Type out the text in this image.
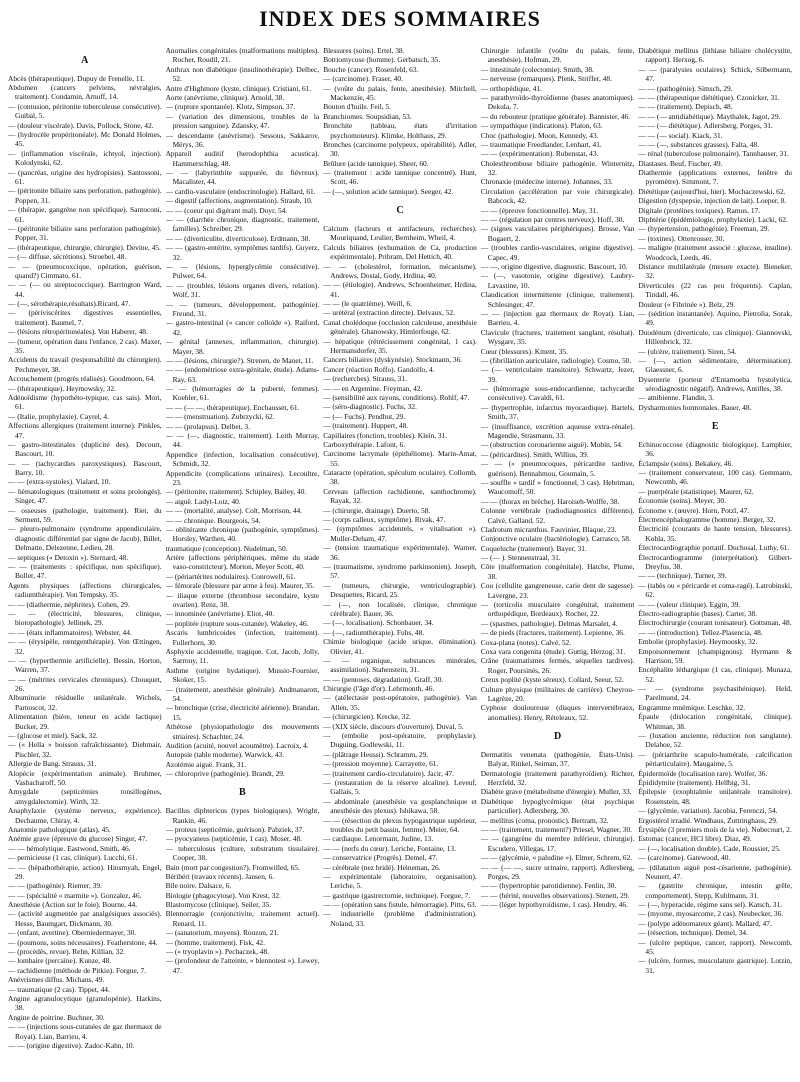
INDEX DES SOMMAIRES

A

Abcès (thérapeutique). Dupuy de Frenelle, 11.

Abdomen (cancers pelviens, névralgies, traitement). Condamin, Arnuff, 14.

— (contusion, péritonite tuberculeuse consécutive). Guibal, 5.

— (douleur viscérale). Davis, Pollock, Stone, 42.

— (hydrocèle propéritonéale). Mc Donald Holmes, 45.

— (inflammation viscérale, ichtyol, injection). Kolodynski, 62.

— (pancréas, origine des hydropisies). Santossoni, 61.

— (péritonite biliaire sans perforation, pathogénie). Poppen, 31.

— (thérapie, gangrène non spécifique). Santoconi, 61.

— (péritonite biliaire sans perforation pathogénie). Popper, 31.

— (thérapeutique, chirurgie, chirurgie). Devine, 45.

— (— diffuse, sécrétions). Stroebel, 48.

— — (pneumocoxcique, opération, guérison, quand?) Cimmato, 61.

— — (— ou streptococcique). Barrington Ward, 44.

— (—, sérothérapie,résultats).Ricard, 47.

— (périviscérites digestives essentielles, traitement). Baumel, 7.

— (lésions rétropéritonéales). Von Haberer, 48.

— (tumeur, opération dans l'enfance, 2 cas). Maxer, 35.

Accidents du travail (responsabilité du chirurgien). Pechmeyer, 38.

Accouchement (progrès réalisés). Goodmoon, 64.

— (thérapeutique). Heymowsky, 32.

Adénoïdisme (hypothéto-typique, cas sais). Mori, 61.

— (Italie, prophylaxie). Cayrel, 4.

Affections allergiques (traitement interne). Pinkles, 47.

— gastro-intestinales (duplicité des). Decourt, Bascourt, 10.

— — (tachycardies paroxystiques). Bascourt, Barry, 10.

— — (extra-systoles). Vialard, 10.

— hématologiques (traitement et soins prolongés). Singer, 47.

— osseuses (pathologie, traitement). Riet, du Serment, 59.

— pleuro-pulmonaire (syndrome appendiculaire, diagnostic différentiel par signe de Jacob). Billet, Delmatte, Delezenne, Ledieu, 28.

— septiques (« Detoxin »). Sternard, 48.

— — (traitements : spécifique, non spécifique). Boller, 47.

Agents physiques (affections chirurgicales, radiumthérapie). Von Tempsky, 35.

— — (diathermie, néphrites). Cohen, 29.

— — (électricité, blessures, clinique, biotopathologie). Jellinek, 29.

— — (états inflammatoires). Webster, 44.

— — (érysipèle, rœntgenthérapie). Von Œttingen, 32.

— — (hyperthermie artificielle). Bessin, Horton, Warren, 37.

— — (métrites cervicales chroniques). Chouquet, 26.

Albuminurie résiduelle unilatérale. Wichels, Parnoscot, 32.

Alimentation (bière, teneur en acide lactique) Bucker, 29.

— (glucose et miel). Sack, 32.

— (« Hella » boisson rafraîchissante). Diehmair, Pischler, 32.

Allergie de Bang. Strauss, 31.

Alopécie (expérimentation animale). Bruhmer, Vasbacharoff, 50.

Amygdale (septicémies tonsillogènes, amygdalectomie). Wirth, 32.

Anaphylaxie (système nerveux, expérience). Dechaume, Chiray, 4.

Anatomie pathologique (atlas), 45.

Anémie grave (épreuve du glucose) Singer, 47.

— — hémolytique. Eastwood, Smith, 46.

— pernicieuse (1 cas, clinique). Lucchi, 61.

— — (hépathothérapie, action). Hinsmyah, Engel, 29.

— — (pathogénie). Riemer, 39.

— — (spécialité « marmite »). Gonzalez, 46.

Anesthésie (Action sur le foie). Bourne, 44.

— (activité augmentée par analgésiques associés). Hesse, Baumgart, Dickmann, 30.

— (enfant, avertine). Oberniedermayer, 30.

— (poumons, soins nécessaires). Featherstone, 44.

— (procédés, revue). Rehn, Killian, 32.

— lombaire (percaïne). Kunze, 48.

— rachidienne (méthode de Pitkin). Forgue, 7.

Anévrismes diffus. Michans, 49.

— traumatique (2 cas). Tippet, 44.

Angine agranulocytique (granulopénie). Harkins, 38.

Angine de poitrine. Buchner, 30.

— — (injections sous-cutanées de gaz thermaux de Royat). Lian, Barrieu, 4.

— — (origine digestive). Zadoc-Kahn, 10.

Anomalies congénitales (malformations multiples). Rocher, Roudil, 21.

Anthrax non diabétique (insulinothérapie). Delbec, 52.

Antre d'Highmore (kyste, clinique). Cristiani, 61.

Aorte (anévrisme, clinique). Arnold, 38.

— (rupture spontanée). Klotz, Simpson, 37.

— (variation des dimensions, troubles de la pression sanguine). Zdansky, 47.

— descendante (anévrisme). Sessous, Sakkarov, Mérys, 36.

Appareil auditif (herodophthia acustica). Hammerschlag, 48.

— — (labyrinthite suppurée, du fiévreux). Macalister, 44.

— cardio-vasculaire (endocrinologie). Hallard, 61.

— digestif (affections, augmentation). Straub, 10.

— — (coeur qui digérant mal). Doyr, 54.

— — (diarrhée chronique, diagnostic, traitement, familles). Schreiber, 29.

— — (diverticulite, diverticulose). Erdmann, 38.

— — (gastro-entérite, symptômes tardifs). Guyerz, 32.

— — (lésions, hyperglycémie consécutive). Pulwer, 64.

— — (troubles, lésions organes divers, relation). Wolf, 31.

— — (tumeurs, développement, pathogénie). Freund, 31.

— gastro-intestinal (« cancer colloïde »). Raiford, 42.

— génital (annexes, inflammation, chirurgie). Mayer, 38.

— — (lésions, chirurgie?). Strenen, de Manet, 11.

— — (endométriose extra-génitale, étude). Adams-Ray, 63.

— — (hémorragies de la puberté, femmes). Koehler, 61.

— — (— —, thérapeutique). Enchausset, 61.

— — (menstruation). Zubrzycki, 62.

— — (prolapsus). Delbet, 3.

— — (—, diagnostic, traitement). Leith Murray, 44.

Appendice (infection, localisation consécutive). Schmidt, 32.

Appendicite (complications urinaires). Lecoultre, 23.

— (péritonite, traitement). Schipley, Bailey, 40.

— aiguë. Ladyt-Lotz, 40.

— — (mortalité, analyse). Colt, Morrison, 44.

— — chronique. Bourgeois, 54.

— oblitérante chronique (pathogénie, symptômes). Horsley, Warthen, 40.

traumatique (conception). Nudelman, 50.

Artère (affections périphériques, même du stade vaso-constricteur), Morton, Meyer Scott, 40.

— (périartérites nodulaires). Conrowell, 61.

— fémorale (blessure par arme à feu). Maurer, 35.

— iliaque externe (thrombose secondaire, kyste ovarien). Renz, 38.

— innominée (anévrisme). Eliot, 40.

— poplitée (rupture sous-cutanée). Wakeley, 46.

Ascaris lumbricoides (infection, traitement). Fullerhorn, 30.

Asphyxie accidentelle, tragique. Cot, Jacob, Jolly, Sarrouy, 11.

Asthme (origine hydatique). Mussio-Fournier, Skoker, 15.

— (traitement, anesthésie générale). Andmanarott, 54.

— bronchique (crise, électricité aérienne). Brandan, 15.

Athétose (physiopathologie des mouvements striaires). Schachter, 24.

Audition (acuité, nouvel acoumètre). Lacroix, 4.

Autopsie (table moderne). Warwick, 43.

Azotémie aiguë. Frank, 31.

— chloroprive (pathogénie). Brandt, 29.

B

Bacillus diphtericus (types biologiques). Wright, Rankin, 46.

— proteus (septicémie, guérison). Pabziek, 37.

— pyocyaneus (septicémie, 1 cas). Moser, 48.

— tuberculosus (culture, substratum tissulaire). Cooper, 38.

Bain (mort par congestion?). Fromwilled, 65.

Béribéri (travaux récents). Jansen, 6.

Bile noire. Dalsace, 6.

Biologie (phagocytose). Von Krest, 32.

Blastomycose (clinique). Seiler, 35.

Blennorragie (conjonctivite, traitement actuel). Renard, 11.

— (sanatorium, moyens). Rouzon, 21.

— (homme, traitement). Fisk, 42.

— (« tryoplavin »). Pechaczek, 48.

— (profondeur de l'atteinte, « blennotest »). Lewey, 47.

Blessures (soins). Ertel, 38.

Botriomycose (homme). Gerbatsch, 35.

Bouche (cancer). Rosenfeld, 63.

— (carcinome). Fraser, 40.

— (voûte du palais, fente, anesthésie). Mitchell, Mackenzie, 45.

Bouton d'huile. Feil, 5.

Branchiomes. Soupsidian, 53.

Bronchite (tableau, états d'irritation psychomoteurs). Klimke, Holthaus, 29.

Bronches (carcinome polypeux, opérabilité). Adler, 30.

Brûlure (acide tannique). Sheer, 60.

— (traitement : acide tannique concentré). Hunt, Scott, 46.

— (—, solution acide tannique). Seeger, 42.

C

Calcium (facteurs et antifacteurs, recherches). Mouriquand, Leulier, Bernheim, Wheil, 4.

Calculs biliaires (exhumation de Ca, production expérimentale). Pribram, Del Hettich, 40.

— — (cholestérol, formation, mécanisme). Andrews, Dostal, Gody, Hrdina, 40.

— — (étiologie). Andrews, Schoenheimer, Hrdina, 41.

— — (le quatrième). Weill, 6.

— urétéral (extraction directe). Delvaux, 52.

Canal cholédoque (occlusion calculeuse, anesthésie générale). Ghanowsky, Himlerfouge, 62.

— hépatique (rétrécissement congénital, 1 cas). Hermansdorfer, 35.

Cancers biliaires (dyskynésie). Stockmann, 36.

Cancer (réaction Roffo). Gandolfo, 4.

— (recherches). Strauss, 31.

— — en Argentine. Freyman, 42.

— (sensibilité aux rayons, conditions). Rohlf, 47.

— (séro-diagnostic). Fuchs, 32.

— (— Fuchs). Pendhut, 29.

— (traitement). Huppert, 48.

Capillaires (fonction, troubles). Klein, 31.

Carboxythérapie. Lafont, 6.

Carcinome lacrymale (épithéliome). Marin-Amat, 55.

Cataracte (opération, spéculum oculaire). Collomb, 38.

Cerveau (affection rachidienne, xanthochrome). Rayak, 32.

— (chirurgie, drainage). Duerto, 58.

— (corps calleux, symptôme). Rivak, 47.

— (symptômes accidentels, « vitalisation »). Muller-Deham, 47.

— (tension traumatique expérimentale). Warner, 36.

— (traumatisme, syndrome parkinsonien). Joseph, 57.

— (tumeurs, chirurgie, ventriculographie). Desquettes, Ricard, 25.

— (—, non localisée, clinique, chronique cérébrale). Bauer, 36.

— (—, localisation). Schonbauer, 34.

— (—, radiumthérapie). Fuhs, 48.

Chimie biologique (acide urique, élimination). Olivier, 41.

— — organique, substances minérales, assimilation). Stahenstein, 31.

— — (pentoses, dégradation). Graff, 30.

Chirurgie (l'âge d'or). Lehrmonth, 46.

— (atélectasie post-opératoire, pathogénie). Van Allen, 35.

— (chirurgicien). Krecke, 32.

— (XIX siècle, discours d'ouverture). Duval, 5.

— (embolie post-opératoire, prophylaxie). Duguing, Godlewski, 11.

— (plâtrage Heussi). Schramm, 29.

— (pression moyenne). Carrayette, 61.

— (traitement cardio-circulatoire). Jacir, 47.

— (restauration de la réserve alcaline). Leveuf, Gallais, 5.

— abdominale (anesthésie va gosplanchnique et anesthésie des plexus). Ishikawa, 58.

— — (résection du plexus hypogastrique supérieur, troubles du petit bassin, femme). Meier, 64.

— cardiaque. Lenormant, Judine, 13.

— — (nerfs du cœur). Leriche, Fontaine, 13.

— conservatrice (Progrès). Demel, 47.

— cérébrale (nez bridé). Heineman, 26.

— expérimentale (laboratoire, organisation). Leriche, 5.

— gastrique (gastrectomie, technique). Forgue, 7.

— — (opération sans fistule, hémorragie). Pitts, 63.

— industrielle (problème d'administration). Noland, 33.

Chirurgie infantile (voûte du palais, fente, anesthésie). Hofman, 29.

— intestinale (colectomie). Smith, 38.

— nerveuse (remarques). Plenk, Striffer, 48.

— orthopédique, 41.

— parathyroïdo-thyroïdienne (bases anatomiques). Dekula, 7.

— du rebouteur (pratique générale). Bannister, 46.

— sympathique (indications). Platon, 63.

Choc (pathologie). Moon, Kennedy, 43.

— traumatique Freedlander, Lenhart, 41.

— — (expérimentation). Rubenstat, 43.

Cholesthrombose biliaire pathogénie. Winternitz, 32.

Chronaxie (médecine interne). Johannes, 33.

Circulation (accélération par voie chirurgicale). Babcock, 42.

— — (épreuve fonctionnelle). May, 31.

— — (régulation par centres nerveux). Hoff, 30.

— (signes vasculaires périphériques). Brosse, Van Bogaert, 2.

— (troubles cardio-vasculaires, origine digestive). Capec, 49.

— —, origine digestive, diagnostic. Bascourt, 10.

— (—, vasotonie, origine digestive). Laubry-Lavastine, 10.

Claudication intermittente (clinique, traitement). Schlesinger, 47.

— — (injection gaz thermaux de Royat). Lian, Barrieu, 4.

Clavicule (fractures, traitement sanglant, résultat). Wysgare, 35.

Cœur (blessures). Kment, 35.

— (fibrillation auriculaire, radiologie). Cosmo, 50.

— (— ventriculaire transitoire). Schwartz, Jezer, 39.

— (hémorragie sous-endocardienne, tachycardie consécutive). Cavaldi, 61.

— (hypertrophie, infarctus myocardique). Bartels, Smith, 37.

— (insuffisance, excrétion aqueuse extra-rénale). Magendie, Strasmann, 33.

— (obstruction coronarienne aiguë). Mobin, 54.

— (péricardites). Smith, Willius, 39.

— — (« pneumocoques, péricardite tardive, guérison). Bennahmou, Goumain, 5.

— souffle « tardif » fonctionnel, 3 cas). Hebriman, Waucomoff, 50.

— — (thorax en brèche). Haroiseh-Wolffe, 38.

Colonne vertébrale (radiodiagnostics différents). Calvé, Galland, 52.

Cladrotum micranthus. Fauvinier, Blaque, 23.

Conjonctive oculaire (bactériologie). Carrasco, 58.

Coqueluche (traitement). Bayer, 31.

— (— ). Stennenstraal, 31.

Côte (malformation congénitale). Hatche, Plume, 38.

Cou (cellulite gangreneuse, carie dent de sagesse). Lavergne, 23.

— (torticolis musculaire congénital, traitement orthopédique, Bordeaux). Rocher, 22.

— (spasmes, pathologie). Delmas Marsalet, 4.

— de pieds (fractures, traitement). Lepienne, 36.

Coxa-plana (notes). Calvé, 52.

Coxa vara congenita (étude). Guttig, Herzog, 31.

Crâne (traumatismes fermés, séquelles tardives). Roger, Poursinés, 26.

Creux poplité (kyste séreux). Collard, Seeur, 52.

Culture physique (militaires de carrière). Cheyrou-Lagrèze, 20.

Cyphose douloureuse (disques intervertébraux, anomalies). Henry, Rételeaux, 52.

D

Dermatitis venenata (pathogénie, États-Unis). Balyat, Rinkel, Seiman, 37.

Dermatologie (traitement parathyroïdien). Richter, Herzfeld, 32.

Diabète grave (métabolisme d'énergie). Muller, 33.

Diabétique hypoglycémique (état psychique particulier). Adlersberg, 30.

— mellitus (coma, pronostic). Bertram, 32.

— — (traitement, traitement?) Priesel, Wagner, 30.

— — (gangrène du membre inférieur, chirurgie). Escudero, Villegas, 17.

— — (glycémie, « paludine »). Elmer, Schrem, 62.

— — (— —, sucre urinaire, rapport). Adlersberg, Porges, 29.

— — (hypertrophie parotidienne). Fenlin, 30.

— — (hérité, nouvelles observations). Stenett, 29.

— — (léger hypothyroïdisme, 1 cas). Hendry, 46.

Diabétique mellitus (lithiase biliaire cholécystite, rapport). Herxog, 6.

— — (paralysies oculaires). Schick, Silbermann, 47.

— — (pathogénie). Simsch, 29.

— — (thérapeutique diététique). Czonicker, 31.

— — (traitement). Depisch, 48.

— — (— antidiabétique). Maythalek, Jagot, 29.

— — (— diététique). Adlersberg, Porges, 31.

— — (— social). Kiack, 31.

— — (—, substances grasses). Falta, 48.

— rénal (tuberculose pulmonaire). Tannhauser, 31.

Diastases. Beuf, Fischer, 49.

Diathermie (applications externes, fenêtre du pyromètre). Simmont, 7.

Diététique (aujourd'hui, hier). Mochaczewski, 62.

Digestion (dyspepsie, injection de lait). Loeper, 8.

Digitale (protéines toxiques). Ramos, 17.

Diphtérie (épidémiologie, prophylaxie). Lacki, 62.

— (hypertension, pathogénie). Freeman, 29.

— (toxines). Ottenrosser, 30.

— maligne (traitement associé : glucose, insuline). Woodcock, Leeds, 46.

Distance multilatérale (mesure exacte). Bieneker, 32.

Diverticules (22 cas peu fréquents). Caplan, Tindall, 46.

Douleur (« Fibrinée »). Belz, 29.

— (sédition instantanée). Aquino, Pietrolia, Sorak, 49.

Duodénum (diverticule, cas clinique). Giannovski, Hillenbrick, 32.

— (ulcère, traitement). Siren, 54.

— (—, action sédimentaire, détermination). Glaessner, 6.

Dysenterie (porteur d'Entamoeba hystolytica, sérodiagnostic négatif). Andrews, Antilles, 38.

— amibienne. Flandin, 3.

Dysharmonies hormonales. Bauer, 48.

E

Echinococcose (diagnostic biologique). Lamphier, 36.

Éclampsie (soins). Bekakey, 46.

— (traitement conservateur, 100 cas). Gemmann, Newcomb, 46.

— puerpérale (statistique). Maurer, 62.

Économie (soins). Meyer, 30.

Économe v. (œuvre). Horn, Potzl, 47.

Électrencéphalogramme (homme). Berger, 32.

Électricité (courants de haute tension, blessures). Kohla, 35.

Électrocardiographie portatif. Duchosal, Luthy, 61.

Électrocardiogramme (interprétation). Gilbert-Dreyfus, 38.

— — (technique). Turner, 39.

— (tabès ou « péricarde et coma-ragé). Latrobinski, 62.

— — (valeur clinique). Eggin, 39.

Électro-radiographie (bases). Carter, 38.

Électrochirurgie (courant tonisateur). Gottsman, 48.

— — (introduction). Tellez-Plasencia, 48.

Embolie (prophylaxie). Heymoosky, 32.

Empoisonnement (champignons). Hyrmann & Harrison, 59.

Encéphalite léthargique (1 cas, clinique). Munaza, 52.

— — (syndrome psychasthénique). Held, Parelmund, 24.

Engramme mnémique. Leschke, 32.

Épaule (dislocation congénitale, clinique). Whitman, 38.

— (luxation ancienne, réduction non sanglante). Delahoe, 52.

— (périarthrite scapulo-humérale, calcification périarticulaire). Maugaime, 5.

Épidermoïde (localisation rare). Wolfer, 36.

Épididymite (traitement). Hellbig, 31.

Épilepsie (exophtalmie unilatérale transitoire). Rosenstein, 48.

— (glycémie, variation). Jacobia, Ferenczi, 54.

Ergostérol irradié. Windhaus, Zuttringhaus, 29.

Érysipèle (3 premiers mois de la vie). Nobecourt, 2.

Estomac (cancer, HCl libre). Diaz, 49.

— (—, localisation double). Cade, Roussier, 25.

— (carcinome). Gatewood, 40.

— (dilatation aiguë post-césarienne, pathogénie). Neunert, 47.

— (gastrite chronique, intestin grêle, comportement). Stepp, Kuhlmann, 31.

— (—, hyperacide, régime sans sel). Katsch, 31.

— (myome, myosarcome, 2 cas). Neubecker, 36.

— (polype adénomateux géant). Mallard, 47.

— (résection, technique). Demel, 34.

— (ulcère peptique, cancer, rapport). Newcomb, 45.

— (ulcère, formes, musculature gastrique). Lotzin, 31.
